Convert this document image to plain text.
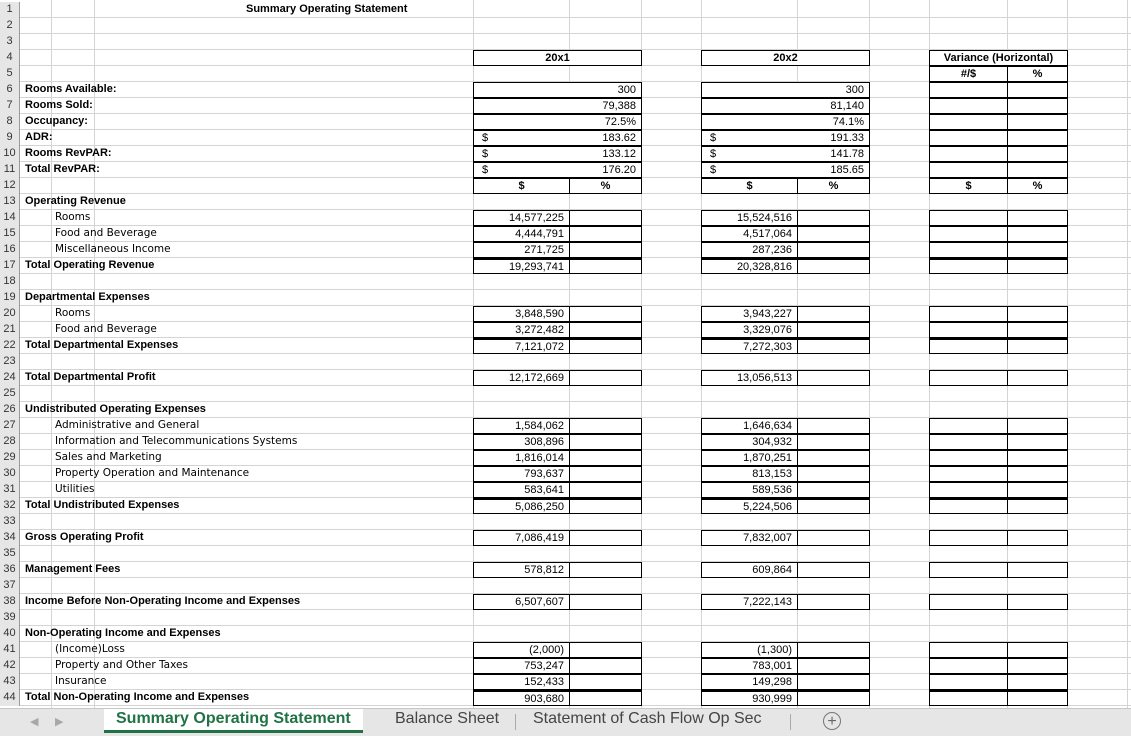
1	Summary Operating Statement
2
3
4	20x1	20x2	Variance (Horizontal)
5	#/$	%
6	Rooms Available:	300	300
7	Rooms Sold:	79,388	81,140
8	Occupancy:	72.5%	74.1%
9	ADR:	$	183.62	$	191.33
10 Rooms RevPAR:	$	133.12	$	141.78
11 Total RevPAR:	$	176.20	$	185.65
12	$	%	$	%	$	%
13 Operating Revenue
14	Rooms	14,577,225	15,524,516
15	Food and Beverage	4,444,791	4,517,064
16	Miscellaneous Income	271,725	287,236
17 Total Operating Revenue	19,293,741	20,328,816
18
19 Departmental Expenses
20	Rooms	3,848,590	3,943,227
21	Food and Beverage	3,272,482	3,329,076
22 Total Departmental Expenses	7,121,072	7,272,303
23
24 Total Departmental Profit	12,172,669	13,056,513
25
26 Undistributed Operating Expenses
27	Administrative and General	1,584,062	1,646,634
28	Information and Telecommunications Systems	308,896	304,932
29	Sales and Marketing	1,816,014	1,870,251
30	Property Operation and Maintenance	793,637	813,153
31	Utilities	583,641	589,536
32 Total Undistributed Expenses	5,086,250	5,224,506
33
34 Gross Operating Profit	7,086,419	7,832,007
35
36 Management Fees	578,812	609,864
37
38 Income Before Non-Operating Income and Expenses	6,507,607	7,222,143
39
40 Non-Operating Income and Expenses
41	(Income)Loss	(2,000)	(1,300)
42	Property and Other Taxes	753,247	783,001
43	Insurance	152,433	149,298
44 Total Non-Operating Income and Expenses	903,680	930,999
◀ ▶	Summary Operating Statement	Balance Sheet Statement of Cash Flow Op Sec	+
